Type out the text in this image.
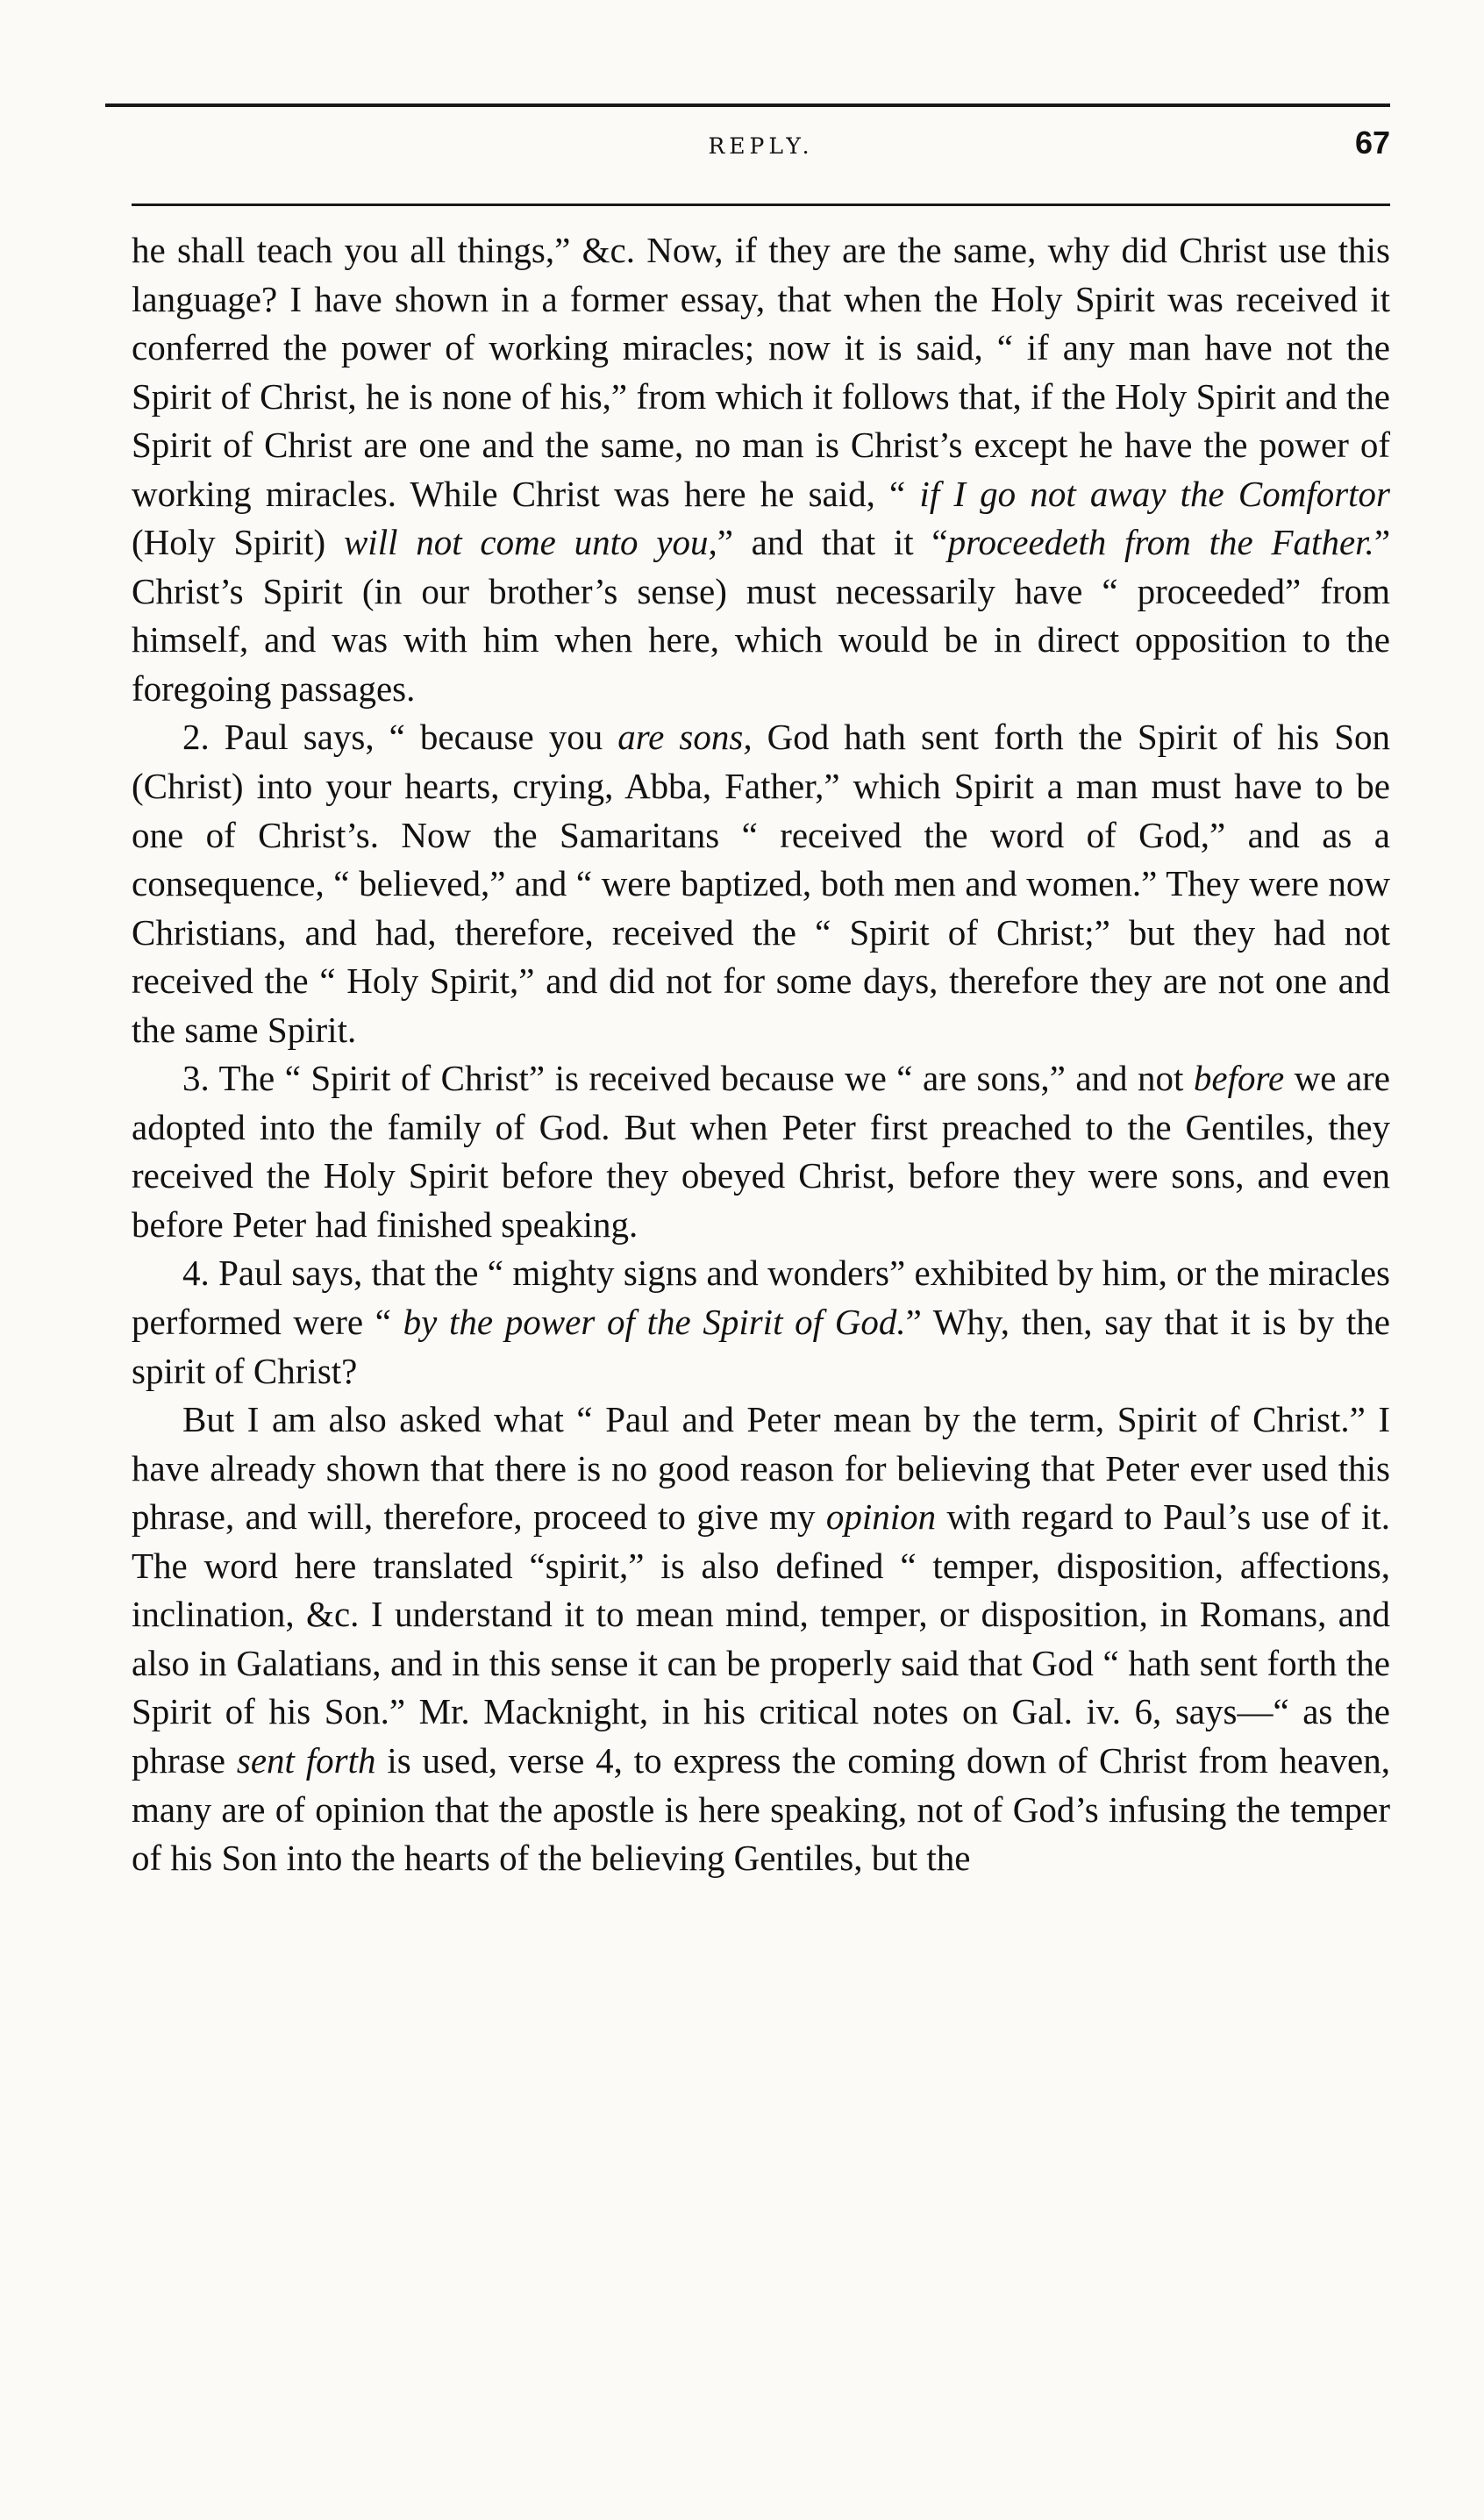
REPLY.	67

he shall teach you all things,” &c. Now, if they are the same, why did Christ use this language? I have shown in a former essay, that when the Holy Spirit was received it conferred the power of working miracles; now it is said, “ if any man have not the Spirit of Christ, he is none of his,” from which it follows that, if the Holy Spirit and the Spirit of Christ are one and the same, no man is Christ’s except he have the power of working miracles. While Christ was here he said, “ if I go not away the Comfortor (Holy Spirit) will not come unto you,” and that it “proceedeth from the Father.” Christ’s Spirit (in our brother’s sense) must necessarily have “ proceeded” from himself, and was with him when here, which would be in direct opposition to the foregoing passages.

2. Paul says, “ because you are sons, God hath sent forth the Spirit of his Son (Christ) into your hearts, crying, Abba, Father,” which Spirit a man must have to be one of Christ’s. Now the Samaritans “ received the word of God,” and as a consequence, “ believed,” and “ were baptized, both men and women.” They were now Christians, and had, therefore, received the “ Spirit of Christ;” but they had not received the “ Holy Spirit,” and did not for some days, therefore they are not one and the same Spirit.

3. The “ Spirit of Christ” is received because we “ are sons,” and not before we are adopted into the family of God. But when Peter first preached to the Gentiles, they received the Holy Spirit before they obeyed Christ, before they were sons, and even before Peter had finished speaking.

4. Paul says, that the “ mighty signs and wonders” exhibited by him, or the miracles performed were “ by the power of the Spirit of God.” Why, then, say that it is by the spirit of Christ?

But I am also asked what “ Paul and Peter mean by the term, Spirit of Christ.” I have already shown that there is no good reason for believing that Peter ever used this phrase, and will, therefore, proceed to give my opinion with regard to Paul’s use of it. The word here translated “spirit,” is also defined “ temper, disposition, affections, inclination, &c. I understand it to mean mind, temper, or disposition, in Romans, and also in Galatians, and in this sense it can be properly said that God “ hath sent forth the Spirit of his Son.” Mr. Macknight, in his critical notes on Gal. iv. 6, says—“ as the phrase sent forth is used, verse 4, to express the coming down of Christ from heaven, many are of opinion that the apostle is here speaking, not of God’s infusing the temper of his Son into the hearts of the believing Gentiles, but the
